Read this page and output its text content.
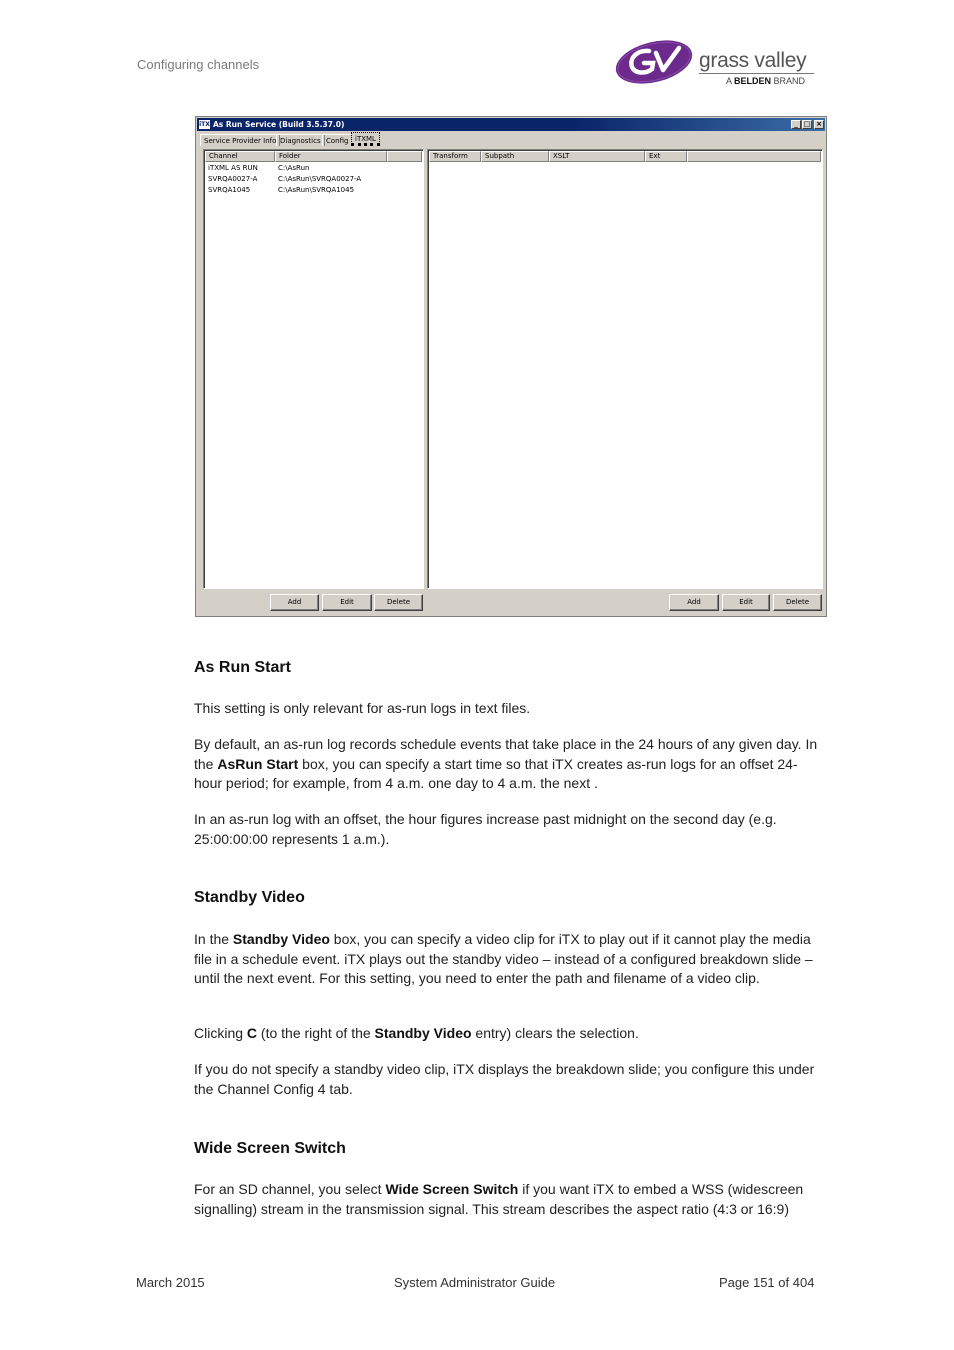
Configuring channels	grass valley
A BELDEN BRAND
iTX As Run Service (Build 3.5.37.0)	_ □ ×
Service Provider Info Diagnostics Config iTXML
Channel	Folder
iTXML AS RUN	C:\AsRun
SVRQA0027-A	C:\AsRun\SVRQA0027-A
SVRQA1045	C:\AsRun\SVRQA1045
Transform	Subpath	XSLT	Ext
Add	Edit	Delete	Add	Edit	Delete
As Run Start
This setting is only relevant for as-run logs in text files.
By default, an as-run log records schedule events that take place in the 24 hours of any given day. In the AsRun Start box, you can specify a start time so that iTX creates as-run logs for an offset 24-hour period; for example, from 4 a.m. one day to 4 a.m. the next .
In an as-run log with an offset, the hour figures increase past midnight on the second day (e.g. 25:00:00:00 represents 1 a.m.).
Standby Video
In the Standby Video box, you can specify a video clip for iTX to play out if it cannot play the media file in a schedule event. iTX plays out the standby video – instead of a configured breakdown slide – until the next event. For this setting, you need to enter the path and filename of a video clip.
Clicking C (to the right of the Standby Video entry) clears the selection.
If you do not specify a standby video clip, iTX displays the breakdown slide; you configure this under the Channel Config 4 tab.
Wide Screen Switch
For an SD channel, you select Wide Screen Switch if you want iTX to embed a WSS (widescreen signalling) stream in the transmission signal. This stream describes the aspect ratio (4:3 or 16:9)
March 2015	System Administrator Guide	Page 151 of 404
